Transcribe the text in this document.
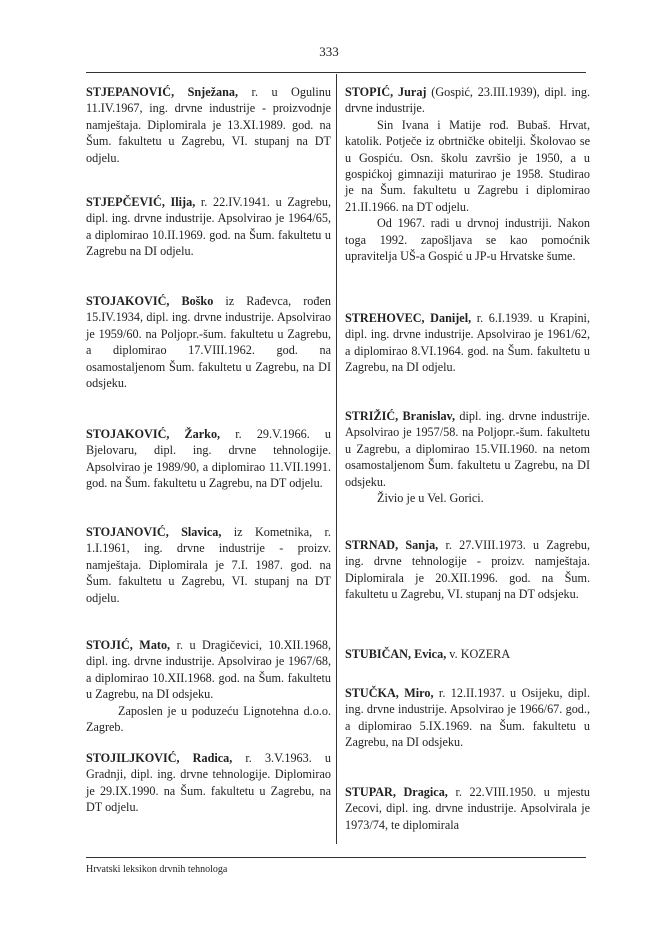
333

STJEPANOVIĆ, Snježana, r. u Ogulinu 11.IV.1967, ing. drvne industrije - proizvodnje namještaja. Diplomirala je 13.XI.1989. god. na Šum. fakultetu u Zagrebu, VI. stupanj na DT odjelu.

STJEPČEVIĆ, Ilija, r. 22.IV.1941. u Zagrebu, dipl. ing. drvne industrije. Apsolvirao je 1964/65, a diplomirao 10.II.1969. god. na Šum. fakultetu u Zagrebu na DI odjelu.

STOJAKOVIĆ, Boško iz Rađevca, rođen 15.IV.1934, dipl. ing. drvne industrije. Apsolvirao je 1959/60. na Poljopr.-šum. fakultetu u Zagrebu, a diplomirao 17.VIII.1962. god. na osamostaljenom Šum. fakultetu u Zagrebu, na DI odsjeku.

STOJAKOVIĆ, Žarko, r. 29.V.1966. u Bjelovaru, dipl. ing. drvne tehnologije. Apsolvirao je 1989/90, a diplomirao 11.VII.1991. god. na Šum. fakultetu u Zagrebu, na DT odjelu.

STOJANOVIĆ, Slavica, iz Kometnika, r. 1.I.1961, ing. drvne industrije - proizv. namještaja. Diplomirala je 7.I. 1987. god. na Šum. fakultetu u Zagrebu, VI. stupanj na DT odjelu.

STOJIĆ, Mato, r. u Dragičevici, 10.XII.1968, dipl. ing. drvne industrije. Apsolvirao je 1967/68, a diplomirao 10.XII.1968. god. na Šum. fakultetu u Zagrebu, na DI odsjeku.

Zaposlen je u poduzeću Lignotehna d.o.o. Zagreb.

STOJILJKOVIĆ, Radica, r. 3.V.1963. u Gradnji, dipl. ing. drvne tehnologije. Diplomirao je 29.IX.1990. na Šum. fakultetu u Zagrebu, na DT odjelu.

STOPIĆ, Juraj (Gospić, 23.III.1939), dipl. ing. drvne industrije.

Sin Ivana i Matije rođ. Bubaš. Hrvat, katolik. Potječe iz obrtničke obitelji. Školovao se u Gospiću. Osn. školu završio je 1950, a u gospićkoj gimnaziji maturirao je 1958. Studirao je na Šum. fakultetu u Zagrebu i diplomirao 21.II.1966. na DT odjelu.

Od 1967. radi u drvnoj industriji. Nakon toga 1992. zapošljava se kao pomoćnik upravitelja UŠ-a Gospić u JP-u Hrvatske šume.

STREHOVEC, Danijel, r. 6.I.1939. u Krapini, dipl. ing. drvne industrije. Apsolvirao je 1961/62, a diplomirao 8.VI.1964. god. na Šum. fakultetu u Zagrebu, na DI odjelu.

STRIŽIĆ, Branislav, dipl. ing. drvne industrije. Apsolvirao je 1957/58. na Poljopr.-šum. fakultetu u Zagrebu, a diplomirao 15.VII.1960. na netom osamostaljenom Šum. fakultetu u Zagrebu, na DI odsjeku.

Živio je u Vel. Gorici.

STRNAD, Sanja, r. 27.VIII.1973. u Zagrebu, ing. drvne tehnologije - proizv. namještaja. Diplomirala je 20.XII.1996. god. na Šum. fakultetu u Zagrebu, VI. stupanj na DT odsjeku.

STUBIČAN, Evica, v. KOZERA

STUČKA, Miro, r. 12.II.1937. u Osijeku, dipl. ing. drvne industrije. Apsolvirao je 1966/67. god., a diplomirao 5.IX.1969. na Šum. fakultetu u Zagrebu, na DI odsjeku.

STUPAR, Dragica, r. 22.VIII.1950. u mjestu Zecovi, dipl. ing. drvne industrije. Apsolvirala je 1973/74, te diplomirala

Hrvatski leksikon drvnih tehnologa
